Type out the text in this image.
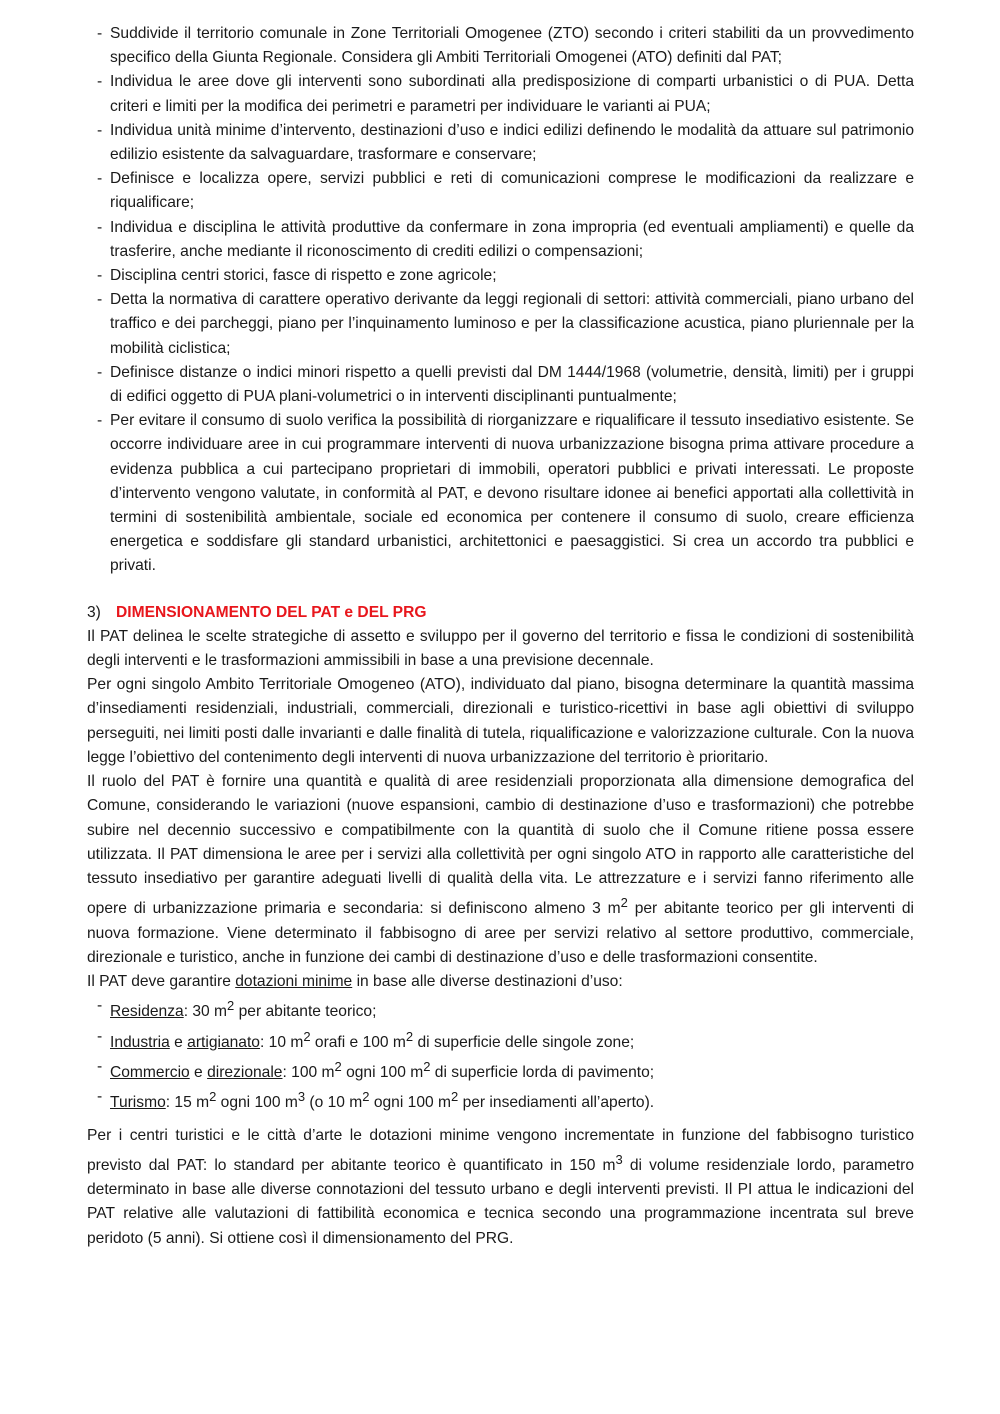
- Suddivide il territorio comunale in Zone Territoriali Omogenee (ZTO) secondo i criteri stabiliti da un provvedimento specifico della Giunta Regionale. Considera gli Ambiti Territoriali Omogenei (ATO) definiti dal PAT;
- Individua le aree dove gli interventi sono subordinati alla predisposizione di comparti urbanistici o di PUA. Detta criteri e limiti per la modifica dei perimetri e parametri per individuare le varianti ai PUA;
- Individua unità minime d’intervento, destinazioni d’uso e indici edilizi definendo le modalità da attuare sul patrimonio edilizio esistente da salvaguardare, trasformare e conservare;
- Definisce e localizza opere, servizi pubblici e reti di comunicazioni comprese le modificazioni da realizzare e riqualificare;
- Individua e disciplina le attività produttive da confermare in zona impropria (ed eventuali ampliamenti) e quelle da trasferire, anche mediante il riconoscimento di crediti edilizi o compensazioni;
- Disciplina centri storici, fasce di rispetto e zone agricole;
- Detta la normativa di carattere operativo derivante da leggi regionali di settori: attività commerciali, piano urbano del traffico e dei parcheggi, piano per l’inquinamento luminoso e per la classificazione acustica, piano pluriennale per la mobilità ciclistica;
- Definisce distanze o indici minori rispetto a quelli previsti dal DM 1444/1968 (volumetrie, densità, limiti) per i gruppi di edifici oggetto di PUA plani-volumetrici o in interventi disciplinanti puntualmente;
- Per evitare il consumo di suolo verifica la possibilità di riorganizzare e riqualificare il tessuto insediativo esistente. Se occorre individuare aree in cui programmare interventi di nuova urbanizzazione bisogna prima attivare procedure a evidenza pubblica a cui partecipano proprietari di immobili, operatori pubblici e privati interessati. Le proposte d’intervento vengono valutate, in conformità al PAT, e devono risultare idonee ai benefici apportati alla collettività in termini di sostenibilità ambientale, sociale ed economica per contenere il consumo di suolo, creare efficienza energetica e soddisfare gli standard urbanistici, architettonici e paesaggistici. Si crea un accordo tra pubblici e privati.
3) DIMENSIONAMENTO DEL PAT e DEL PRG

Il PAT delinea le scelte strategiche di assetto e sviluppo per il governo del territorio e fissa le condizioni di sostenibilità degli interventi e le trasformazioni ammissibili in base a una previsione decennale.

Per ogni singolo Ambito Territoriale Omogeneo (ATO), individuato dal piano, bisogna determinare la quantità massima d’insediamenti residenziali, industriali, commerciali, direzionali e turistico-ricettivi in base agli obiettivi di sviluppo perseguiti, nei limiti posti dalle invarianti e dalle finalità di tutela, riqualificazione e valorizzazione culturale. Con la nuova legge l’obiettivo del contenimento degli interventi di nuova urbanizzazione del territorio è prioritario.

Il ruolo del PAT è fornire una quantità e qualità di aree residenziali proporzionata alla dimensione demografica del Comune, considerando le variazioni (nuove espansioni, cambio di destinazione d’uso e trasformazioni) che potrebbe subire nel decennio successivo e compatibilmente con la quantità di suolo che il Comune ritiene possa essere utilizzata. Il PAT dimensiona le aree per i servizi alla collettività per ogni singolo ATO in rapporto alle caratteristiche del tessuto insediativo per garantire adeguati livelli di qualità della vita. Le attrezzature e i servizi fanno riferimento alle opere di urbanizzazione primaria e secondaria: si definiscono almeno 3 $m^2$ per abitante teorico per gli interventi di nuova formazione. Viene determinato il fabbisogno di aree per servizi relativo al settore produttivo, commerciale, direzionale e turistico, anche in funzione dei cambi di destinazione d’uso e delle trasformazioni consentite.

Il PAT deve garantire dotazioni minime in base alle diverse destinazioni d’uso:

- Residenza: 30 $m^2$ per abitante teorico;
- Industria e artigianato: 10 $m^2$ orafi e 100 $m^2$ di superficie delle singole zone;
- Commercio e direzionale: 100 $m^2$ ogni 100 $m^2$ di superficie lorda di pavimento;
- Turismo: 15 $m^2$ ogni 100 $m^3$ (o 10 $m^2$ ogni 100 $m^2$ per insediamenti all’aperto).

Per i centri turistici e le città d’arte le dotazioni minime vengono incrementate in funzione del fabbisogno turistico previsto dal PAT: lo standard per abitante teorico è quantificato in 150 $m^3$ di volume residenziale lordo, parametro determinato in base alle diverse connotazioni del tessuto urbano e degli interventi previsti. Il PI attua le indicazioni del PAT relative alle valutazioni di fattibilità economica e tecnica secondo una programmazione incentrata sul breve peridoto (5 anni). Si ottiene così il dimensionamento del PRG.
